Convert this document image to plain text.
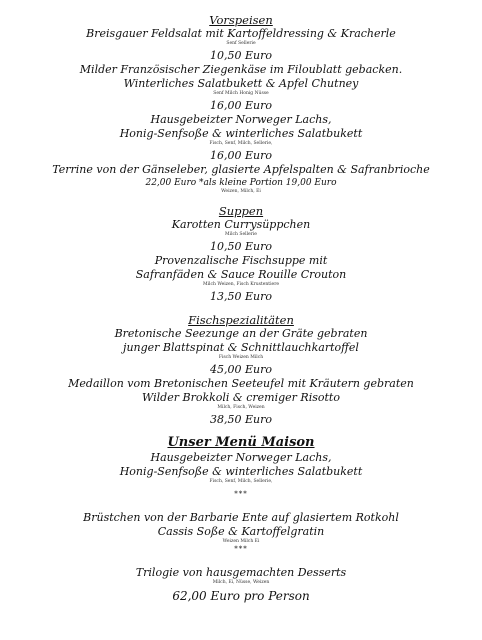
Vorspeisen

Breisgauer Feldsalat mit Kartoffeldressing & Kracherle

Senf Sellerie

10,50 Euro

Milder Französischer Ziegenkäse im Filoublatt gebacken.

Winterliches Salatbukett & Apfel Chutney

Senf Milch Honig Nüsse

16,00 Euro

Hausgebeizter Norweger Lachs,

Honig-Senfsoße & winterliches Salatbukett

Fisch, Senf, Milch, Sellerie,

16,00 Euro

Terrine von der Gänseleber, glasierte Apfelspalten & Safranbrioche

22,00 Euro *als kleine Portion 19,00 Euro

Weizen, Milch, Ei

Suppen

Karotten Currysüppchen

Milch Sellerie

10,50 Euro

Provenzalische Fischsuppe mit

Safranfäden & Sauce Rouille Crouton

Milch Weizen, Fisch Krustentiere

13,50 Euro

Fischspezialitäten

Bretonische Seezunge an der Gräte gebraten

junger Blattspinat & Schnittlauchkartoffel

Fisch Weizen Milch

45,00 Euro

Medaillon vom Bretonischen Seeteufel mit Kräutern gebraten

Wilder Brokkoli & cremiger Risotto

Milch, Fisch, Weizen

38,50 Euro

Unser Menü Maison

Hausgebeizter Norweger Lachs,

Honig-Senfsoße & winterliches Salatbukett

Fisch, Senf, Milch, Sellerie,

***

Brüstchen von der Barbarie Ente auf glasiertem Rotkohl

Cassis Soße & Kartoffelgratin

Weizen Milch Ei

***

Trilogie von hausgemachten Desserts

Milch, Ei, Nüsse, Weizen

62,00 Euro pro Person
